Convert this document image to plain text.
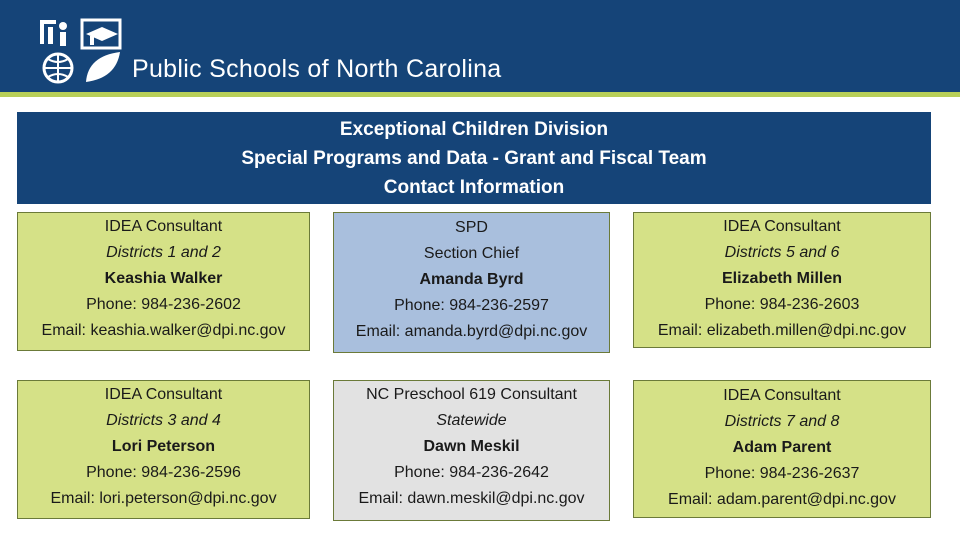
Public Schools of North Carolina
Exceptional Children Division
Special Programs and Data - Grant and Fiscal Team
Contact Information
IDEA Consultant
Districts 1 and 2
Keashia Walker
Phone: 984-236-2602
Email: keashia.walker@dpi.nc.gov
SPD
Section Chief
Amanda Byrd
Phone: 984-236-2597
Email: amanda.byrd@dpi.nc.gov
IDEA Consultant
Districts 5 and 6
Elizabeth Millen
Phone: 984-236-2603
Email: elizabeth.millen@dpi.nc.gov
IDEA Consultant
Districts 3 and 4
Lori Peterson
Phone: 984-236-2596
Email: lori.peterson@dpi.nc.gov
NC Preschool 619 Consultant
Statewide
Dawn Meskil
Phone: 984-236-2642
Email: dawn.meskil@dpi.nc.gov
IDEA Consultant
Districts 7 and 8
Adam Parent
Phone: 984-236-2637
Email: adam.parent@dpi.nc.gov
